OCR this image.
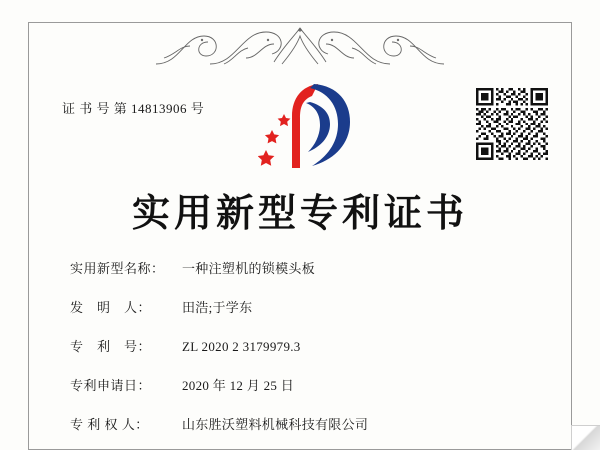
证 书 号 第 14813906 号
实用新型专利证书
实用新型名称：	一种注塑机的锁模头板
发　明　人：	田浩;于学东
专　利　号：	ZL 2020 2 3179979.3
专利申请日：	2020 年 12 月 25 日
专 利 权 人：	山东胜沃塑料机械科技有限公司
